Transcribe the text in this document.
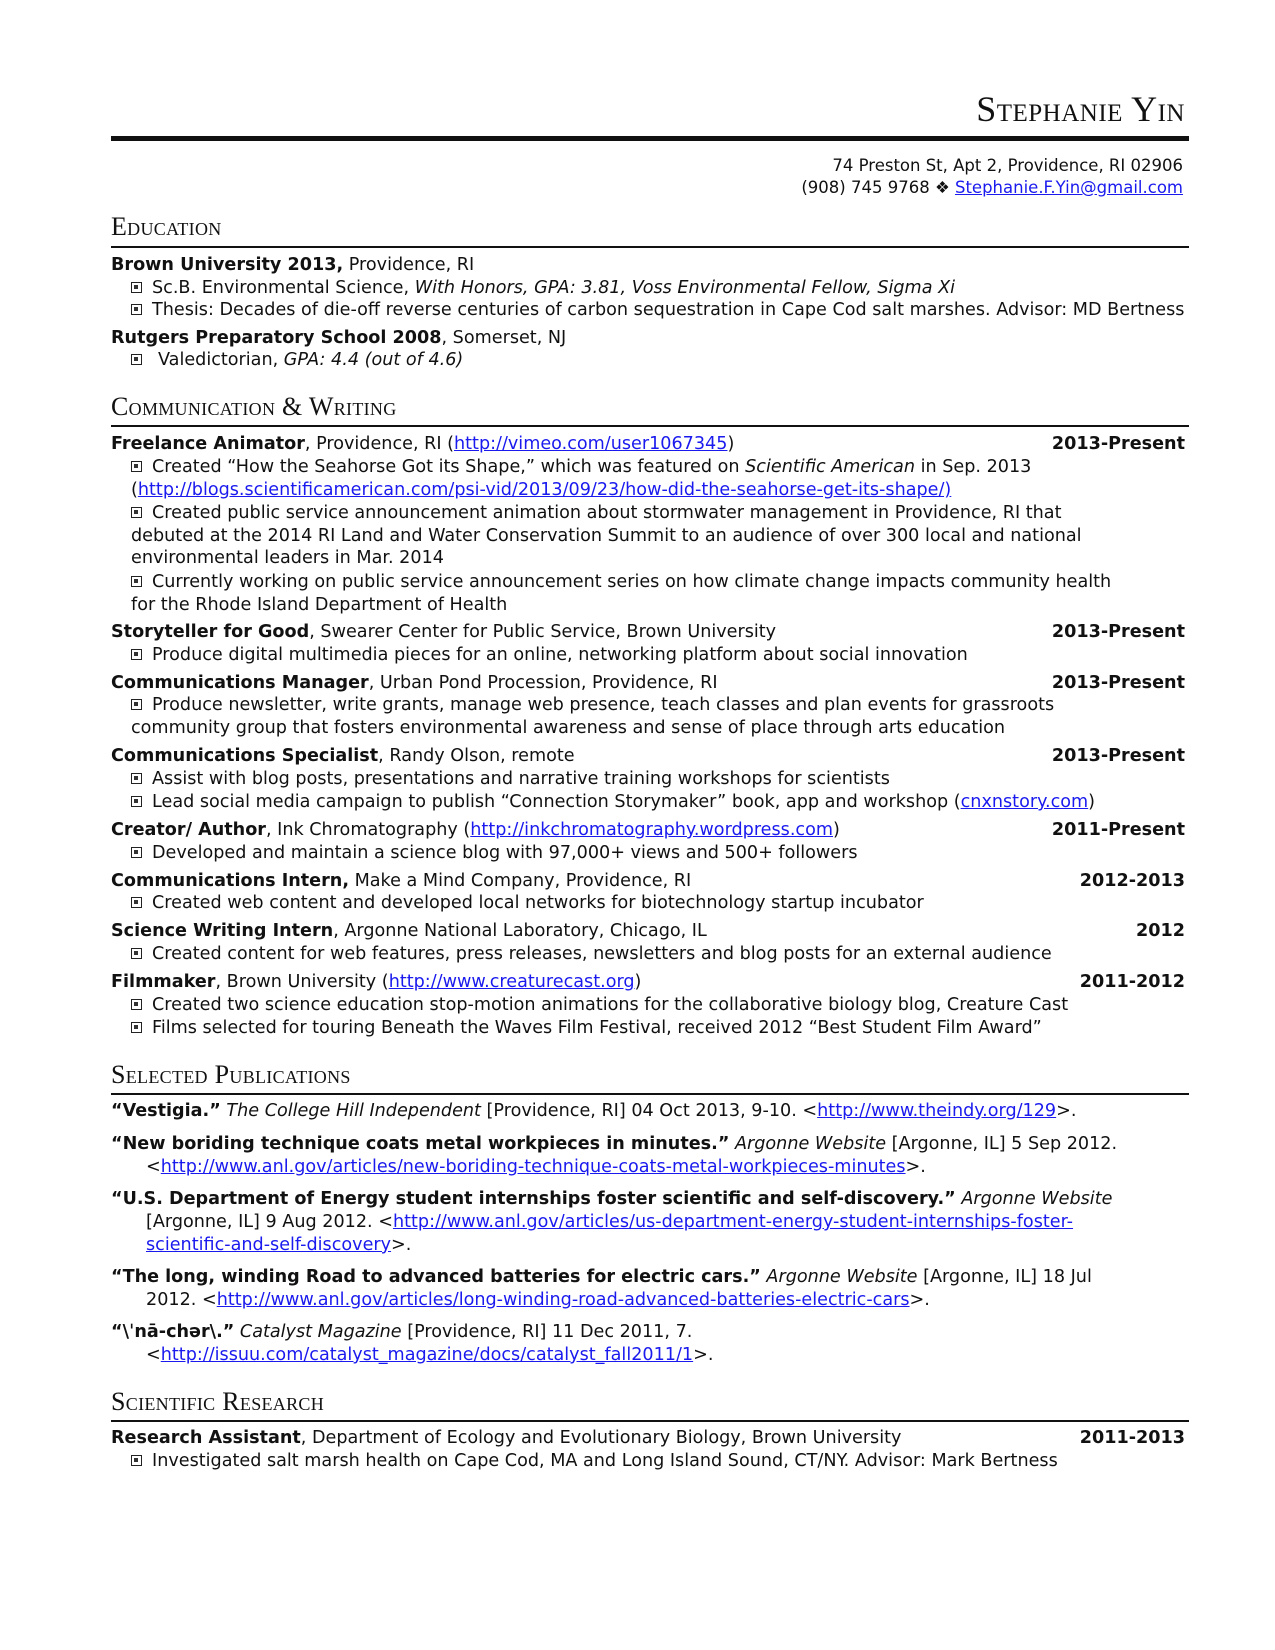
Stephanie Yin
74 Preston St, Apt 2, Providence, RI 02906
(908) 745 9768 ❖ Stephanie.F.Yin@gmail.com
Education
Brown University 2013, Providence, RI
Sc.B. Environmental Science, With Honors, GPA: 3.81, Voss Environmental Fellow, Sigma Xi
Thesis: Decades of die-off reverse centuries of carbon sequestration in Cape Cod salt marshes. Advisor: MD Bertness
Rutgers Preparatory School 2008, Somerset, NJ
Valedictorian, GPA: 4.4 (out of 4.6)
Communication & Writing
Freelance Animator, Providence, RI (http://vimeo.com/user1067345)	2013-Present
Created “How the Seahorse Got its Shape,” which was featured on Scientific American in Sep. 2013
(http://blogs.scientificamerican.com/psi-vid/2013/09/23/how-did-the-seahorse-get-its-shape/)
Created public service announcement animation about stormwater management in Providence, RI that
debuted at the 2014 RI Land and Water Conservation Summit to an audience of over 300 local and national
environmental leaders in Mar. 2014
Currently working on public service announcement series on how climate change impacts community health
for the Rhode Island Department of Health
Storyteller for Good, Swearer Center for Public Service, Brown University	2013-Present
Produce digital multimedia pieces for an online, networking platform about social innovation
Communications Manager, Urban Pond Procession, Providence, RI	2013-Present
Produce newsletter, write grants, manage web presence, teach classes and plan events for grassroots
community group that fosters environmental awareness and sense of place through arts education
Communications Specialist, Randy Olson, remote	2013-Present
Assist with blog posts, presentations and narrative training workshops for scientists
Lead social media campaign to publish “Connection Storymaker” book, app and workshop (cnxnstory.com)
Creator/ Author, Ink Chromatography (http://inkchromatography.wordpress.com)	2011-Present
Developed and maintain a science blog with 97,000+ views and 500+ followers
Communications Intern, Make a Mind Company, Providence, RI	2012-2013
Created web content and developed local networks for biotechnology startup incubator
Science Writing Intern, Argonne National Laboratory, Chicago, IL	2012
Created content for web features, press releases, newsletters and blog posts for an external audience
Filmmaker, Brown University (http://www.creaturecast.org)	2011-2012
Created two science education stop-motion animations for the collaborative biology blog, Creature Cast
Films selected for touring Beneath the Waves Film Festival, received 2012 “Best Student Film Award”
Selected Publications
“Vestigia.” The College Hill Independent [Providence, RI] 04 Oct 2013, 9-10. <http://www.theindy.org/129>.
“New boriding technique coats metal workpieces in minutes.” Argonne Website [Argonne, IL] 5 Sep 2012.
<http://www.anl.gov/articles/new-boriding-technique-coats-metal-workpieces-minutes>.
“U.S. Department of Energy student internships foster scientific and self-discovery.” Argonne Website
[Argonne, IL] 9 Aug 2012. <http://www.anl.gov/articles/us-department-energy-student-internships-foster-
scientific-and-self-discovery>.
“The long, winding Road to advanced batteries for electric cars.” Argonne Website [Argonne, IL] 18 Jul
2012. <http://www.anl.gov/articles/long-winding-road-advanced-batteries-electric-cars>.
“\ˈnā-chər\.” Catalyst Magazine [Providence, RI] 11 Dec 2011, 7.
<http://issuu.com/catalyst_magazine/docs/catalyst_fall2011/1>.
Scientific Research
Research Assistant, Department of Ecology and Evolutionary Biology, Brown University	2011-2013
Investigated salt marsh health on Cape Cod, MA and Long Island Sound, CT/NY. Advisor: Mark Bertness
